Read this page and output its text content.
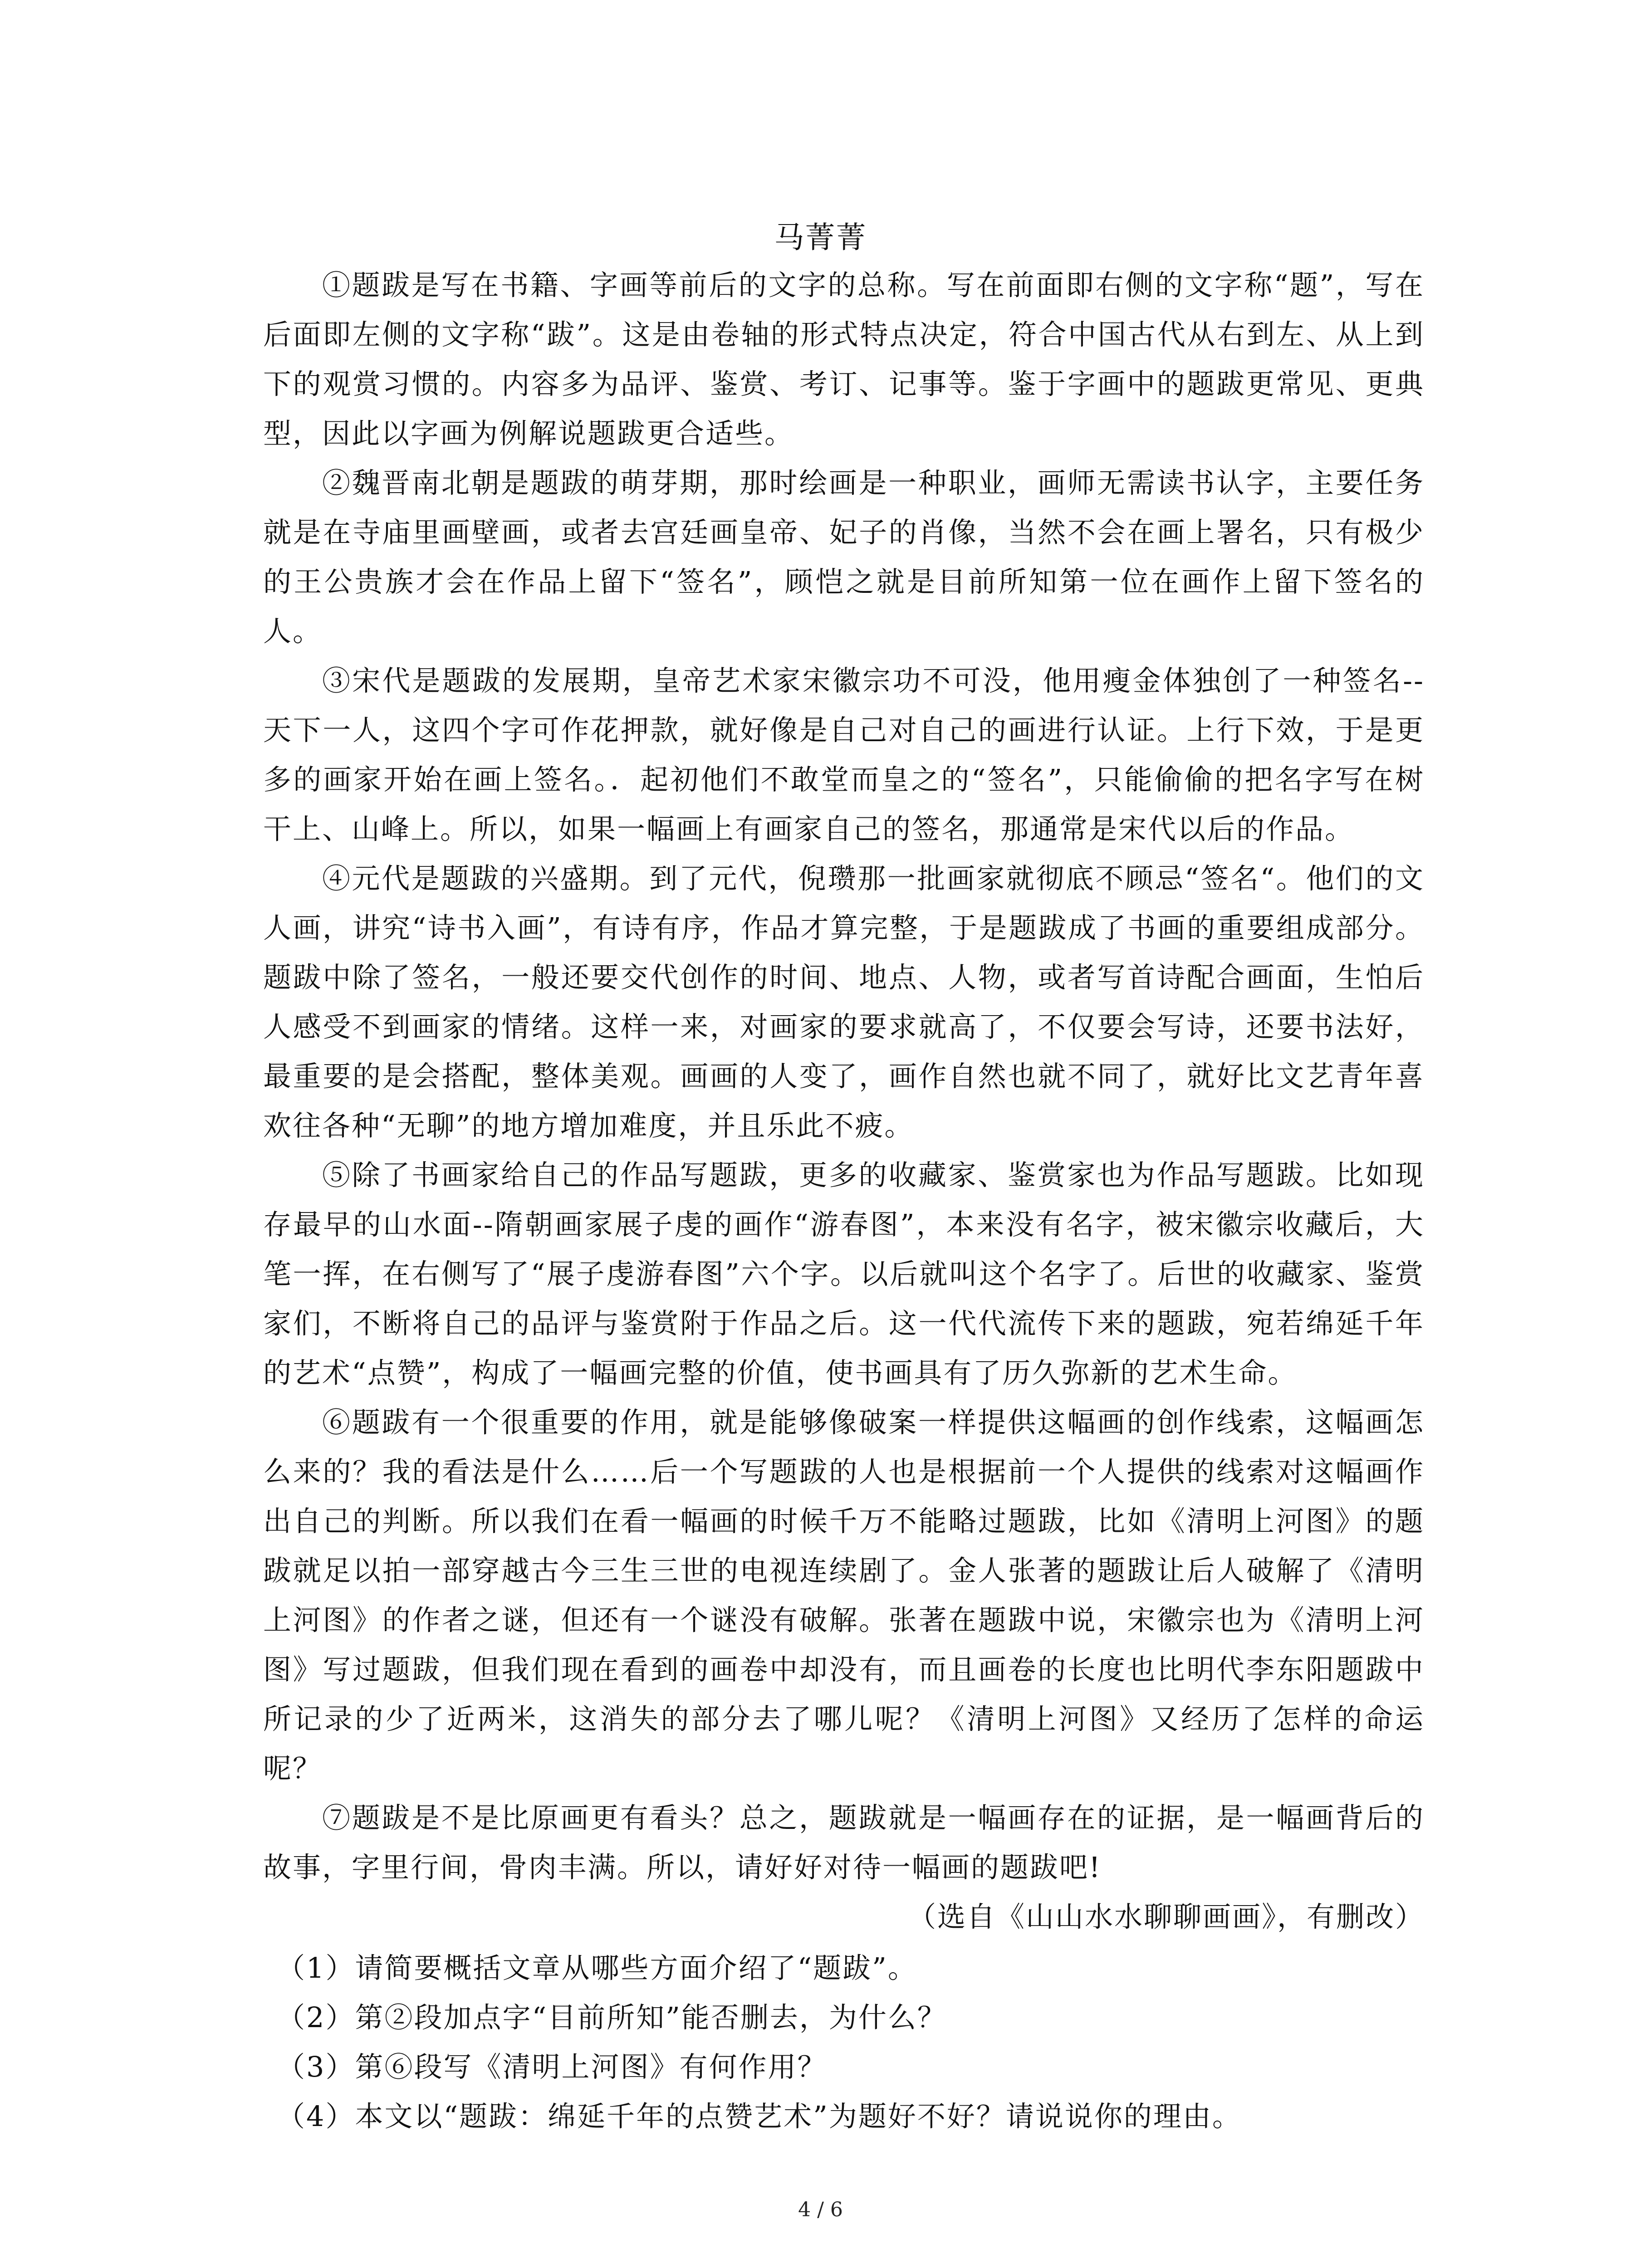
马菁菁

①题跋是写在书籍、字画等前后的文字的总称。写在前面即右侧的文字称“题”，写在后面即左侧的文字称“跋”。这是由卷轴的形式特点决定，符合中国古代从右到左、从上到下的观赏习惯的。内容多为品评、鉴赏、考订、记事等。鉴于字画中的题跋更常见、更典型，因此以字画为例解说题跋更合适些。

②魏晋南北朝是题跋的萌芽期，那时绘画是一种职业，画师无需读书认字，主要任务就是在寺庙里画壁画，或者去宫廷画皇帝、妃子的肖像，当然不会在画上署名，只有极少的王公贵族才会在作品上留下“签名”，顾恺之就是目前所知第一位在画作上留下签名的人。

③宋代是题跋的发展期，皇帝艺术家宋徽宗功不可没，他用瘦金体独创了一种签名--天下一人，这四个字可作花押款，就好像是自己对自己的画进行认证。上行下效，于是更多的画家开始在画上签名。．起初他们不敢堂而皇之的“签名”，只能偷偷的把名字写在树干上、山峰上。所以，如果一幅画上有画家自己的签名，那通常是宋代以后的作品。

④元代是题跋的兴盛期。到了元代，倪瓒那一批画家就彻底不顾忌“签名“。他们的文人画，讲究“诗书入画”，有诗有序，作品才算完整，于是题跋成了书画的重要组成部分。题跋中除了签名，一般还要交代创作的时间、地点、人物，或者写首诗配合画面，生怕后人感受不到画家的情绪。这样一来，对画家的要求就高了，不仅要会写诗，还要书法好，最重要的是会搭配，整体美观。画画的人变了，画作自然也就不同了，就好比文艺青年喜欢往各种“无聊”的地方增加难度，并且乐此不疲。

⑤除了书画家给自己的作品写题跋，更多的收藏家、鉴赏家也为作品写题跋。比如现存最早的山水面--隋朝画家展子虔的画作“游春图”，本来没有名字，被宋徽宗收藏后，大笔一挥，在右侧写了“展子虔游春图”六个字。以后就叫这个名字了。后世的收藏家、鉴赏家们，不断将自己的品评与鉴赏附于作品之后。这一代代流传下来的题跋，宛若绵延千年的艺术“点赞”，构成了一幅画完整的价值，使书画具有了历久弥新的艺术生命。

⑥题跋有一个很重要的作用，就是能够像破案一样提供这幅画的创作线索，这幅画怎么来的？我的看法是什么……后一个写题跋的人也是根据前一个人提供的线索对这幅画作出自己的判断。所以我们在看一幅画的时候千万不能略过题跋，比如《清明上河图》的题跋就足以拍一部穿越古今三生三世的电视连续剧了。金人张著的题跋让后人破解了《清明上河图》的作者之谜，但还有一个谜没有破解。张著在题跋中说，宋徽宗也为《清明上河图》写过题跋，但我们现在看到的画卷中却没有，而且画卷的长度也比明代李东阳题跋中所记录的少了近两米，这消失的部分去了哪儿呢？《清明上河图》又经历了怎样的命运呢？

⑦题跋是不是比原画更有看头？总之，题跋就是一幅画存在的证据，是一幅画背后的故事，字里行间，骨肉丰满。所以，请好好对待一幅画的题跋吧!

（选自《山山水水聊聊画画》，有删改）

（1）请简要概括文章从哪些方面介绍了“题跋”。

（2）第②段加点字“目前所知”能否删去，为什么？

（3）第⑥段写《清明上河图》有何作用？

（4）本文以“题跋：绵延千年的点赞艺术”为题好不好？请说说你的理由。

4 / 6
